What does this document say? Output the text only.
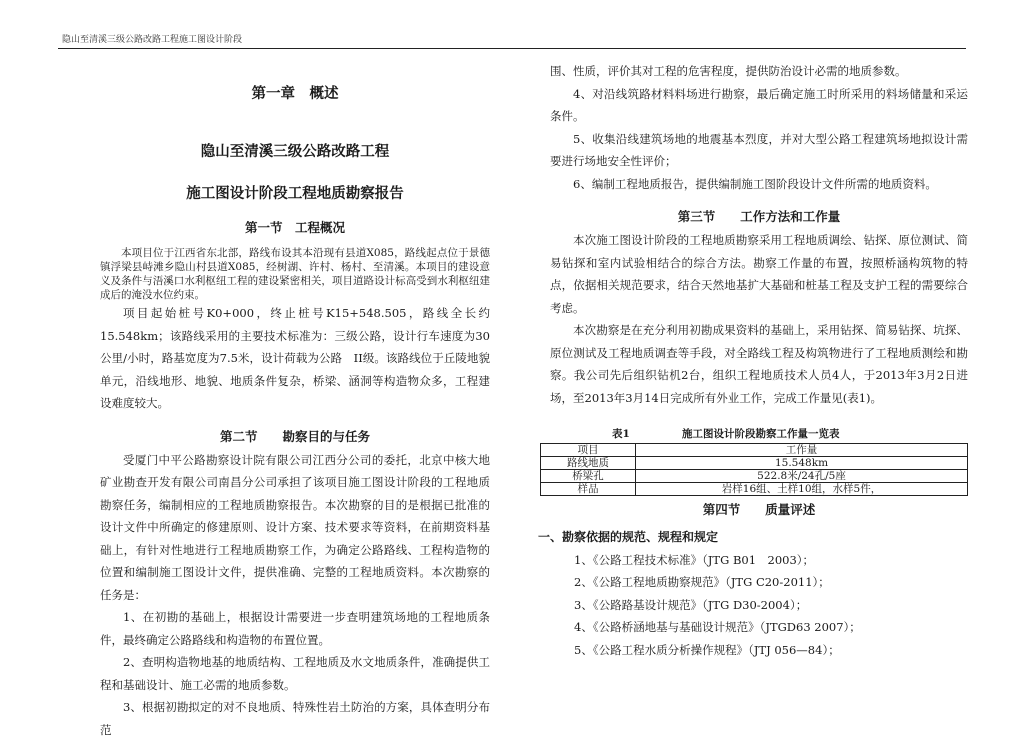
隐山至清溪三级公路改路工程施工图设计阶段
第一章　概述
隐山至清溪三级公路改路工程
施工图设计阶段工程地质勘察报告
第一节　工程概况

本项目位于江西省东北部，路线布设其本沿现有县道X085，路线起点位于景德镇浮梁县峙滩乡隐山村县道X085，经树湖、许村、杨村、至清溪。本项目的建设意义及条件与浯溪口水利枢纽工程的建设紧密相关，项目道路设计标高受到水利枢纽建成后的淹没水位约束。

项目起始桩号K0+000，终止桩号K15+548.505，路线全长约15.548km；该路线采用的主要技术标准为：三级公路，设计行车速度为30公里/小时，路基宽度为7.5米，设计荷载为公路　II级。该路线位于丘陵地貌单元，沿线地形、地貌、地质条件复杂，桥梁、涵洞等构造物众多，工程建设难度较大。

第二节　　勘察目的与任务

受厦门中平公路勘察设计院有限公司江西分公司的委托，北京中核大地矿业勘查开发有限公司南昌分公司承担了该项目施工图设计阶段的工程地质勘察任务，编制相应的工程地质勘察报告。本次勘察的目的是根据已批准的设计文件中所确定的修建原则、设计方案、技术要求等资料，在前期资料基础上，有针对性地进行工程地质勘察工作，为确定公路路线、工程构造物的位置和编制施工图设计文件，提供准确、完整的工程地质资料。本次勘察的任务是：

1、在初勘的基础上，根据设计需要进一步查明建筑场地的工程地质条件，最终确定公路路线和构造物的布置位置。

2、查明构造物地基的地质结构、工程地质及水文地质条件，准确提供工程和基础设计、施工必需的地质参数。

3、根据初勘拟定的对不良地质、特殊性岩土防治的方案，具体查明分布范

围、性质，评价其对工程的危害程度，提供防治设计必需的地质参数。

4、对沿线筑路材料料场进行勘察，最后确定施工时所采用的料场储量和采运条件。

5、收集沿线建筑场地的地震基本烈度，并对大型公路工程建筑场地拟设计需要进行场地安全性评价；

6、编制工程地质报告，提供编制施工图阶段设计文件所需的地质资料。

第三节　　工作方法和工作量

本次施工图设计阶段的工程地质勘察采用工程地质调绘、钻探、原位测试、简易钻探和室内试验相结合的综合方法。勘察工作量的布置，按照桥涵构筑物的特点，依据相关规范要求，结合天然地基扩大基础和桩基工程及支护工程的需要综合考虑。

本次勘察是在充分利用初勘成果资料的基础上，采用钻探、简易钻探、坑探、原位测试及工程地质调查等手段，对全路线工程及构筑物进行了工程地质测绘和勘察。我公司先后组织钻机2台，组织工程地质技术人员4人，于2013年3月2日进场，至2013年3月14日完成所有外业工作，完成工作量见(表1)。

表1	施工图设计阶段勘察工作量一览表
项目	工作量
路线地质	15.548km
桥梁孔	522.8米/24孔/5座
样品	岩样16组、土样10组，水样5件，
第四节　　质量评述
一、勘察依据的规范、规程和规定
1、《公路工程技术标准》（JTG B01　2003）；
2、《公路工程地质勘察规范》（JTG C20-2011）；
3、《公路路基设计规范》（JTG D30-2004）；
4、《公路桥涵地基与基础设计规范》（JTGD63 2007）；
5、《公路工程水质分析操作规程》（JTJ 056—84）；
